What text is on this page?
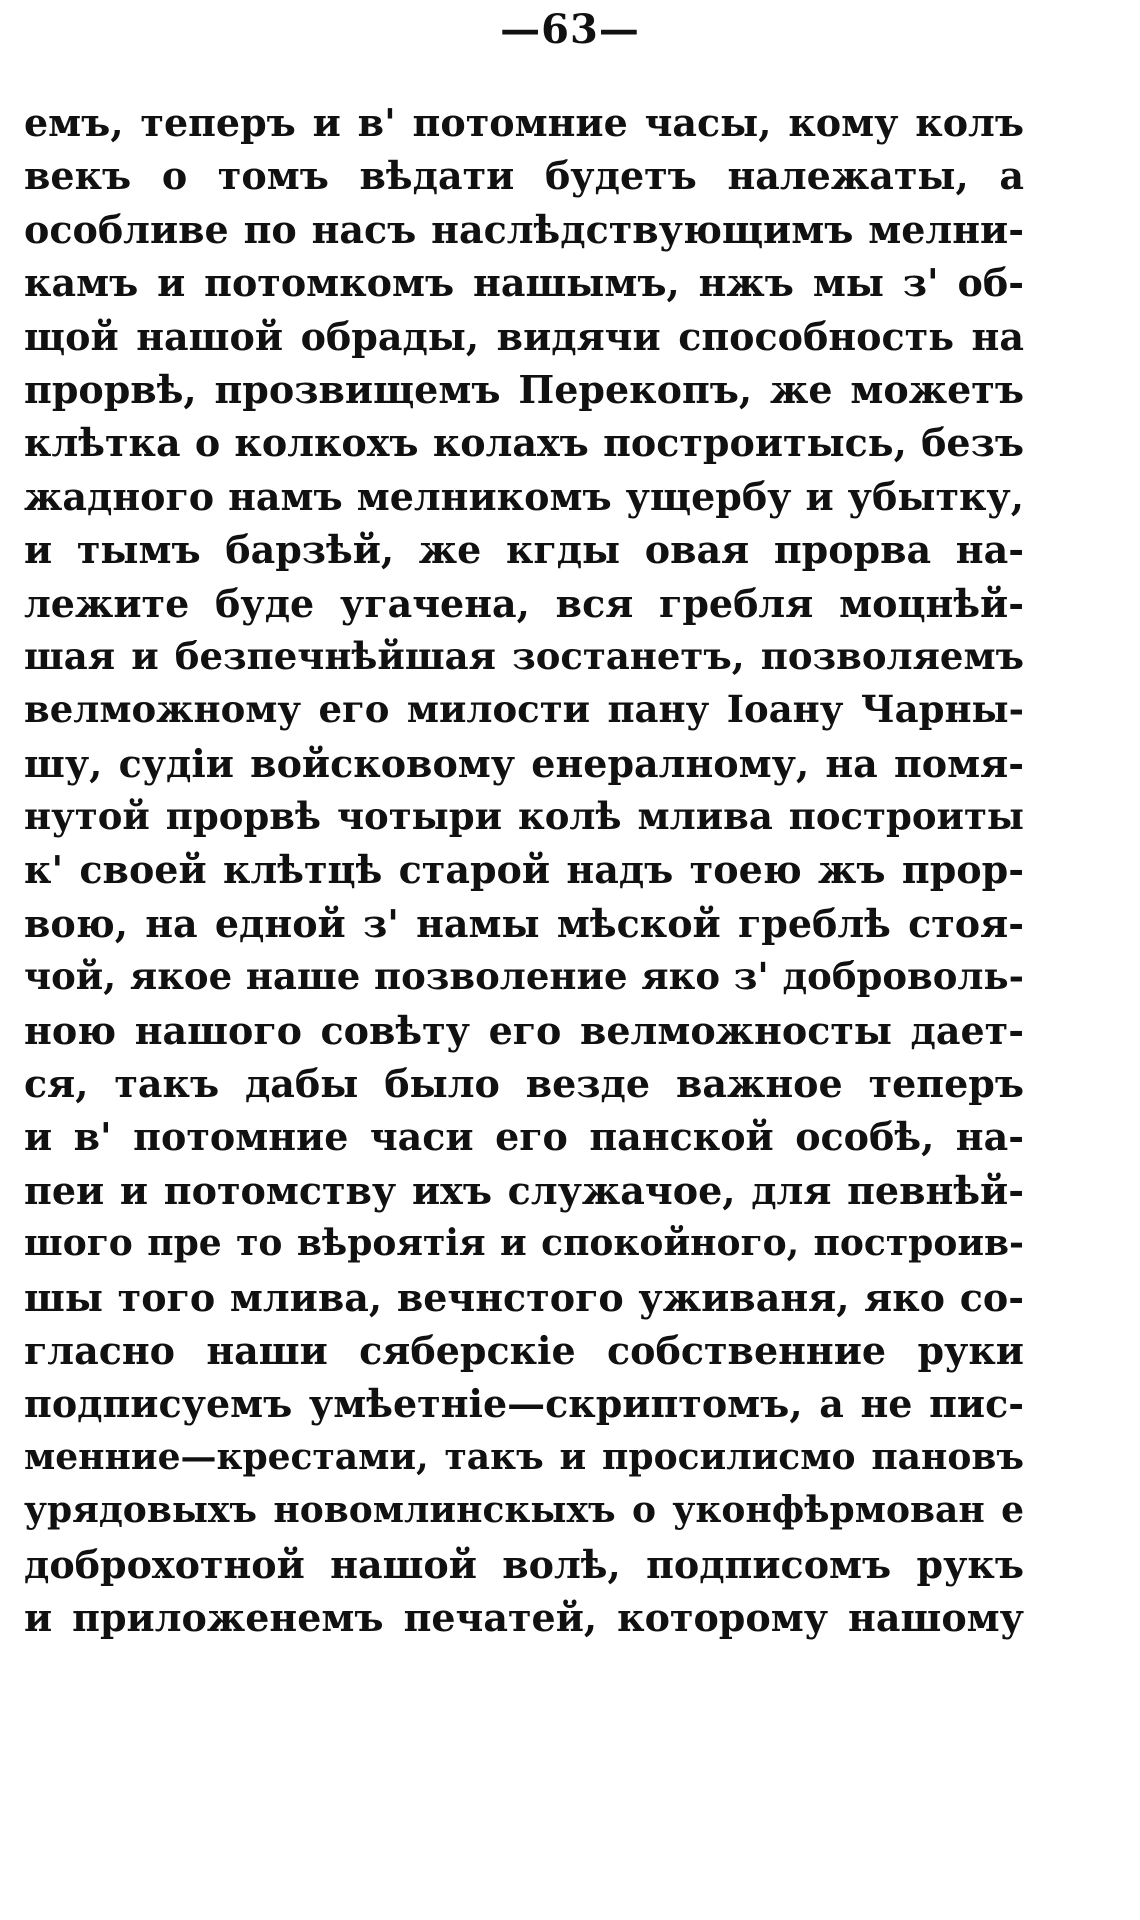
—63—
емъ, теперъ и в' потомние часы, кому колъ
векъ о томъ вѣдати будетъ належаты, а
особливе по насъ наслѣдствующимъ мелни-
камъ и потомкомъ нашымъ, нжъ мы з' об-
щой нашой обрады, видячи способность на
прорвѣ, прозвищемъ Перекопъ, же можетъ
клѣтка о колкохъ колахъ построитысь, безъ
жадного намъ мелникомъ ущербу и убытку,
и тымъ барзѣй, же кгды овая прорва на-
лежите буде угачена, вся гребля моцнѣй-
шая и безпечнѣйшая зостанетъ, позволяемъ
велможному его милости пану Іоану Чарны-
шу, судіи войсковому енералному, на помя-
нутой прорвѣ чотыри колѣ млива построиты
к' своей клѣтцѣ старой надъ тоею жъ прор-
вою, на едной з' намы мѣской греблѣ стоя-
чой, якое наше позволение яко з' доброволь-
ною нашого совѣту его велможносты дает-
ся, такъ дабы было везде важное теперъ
и в' потомние часи его панской особѣ, на-
пеи и потомству ихъ служачое, для певнѣй-
шого пре то вѣроятія и спокойного, построив-
шы того млива, вечнстого уживаня, яко со-
гласно наши сяберскіе собственние руки
подписуемъ умѣетніе—скриптомъ, а не пис-
менние—крестами, такъ и просилисмо пановъ
урядовыхъ новомлинскыхъ о уконфѣрмован е
доброхотной нашой волѣ, подписомъ рукъ
и приложенемъ печатей, которому нашому
